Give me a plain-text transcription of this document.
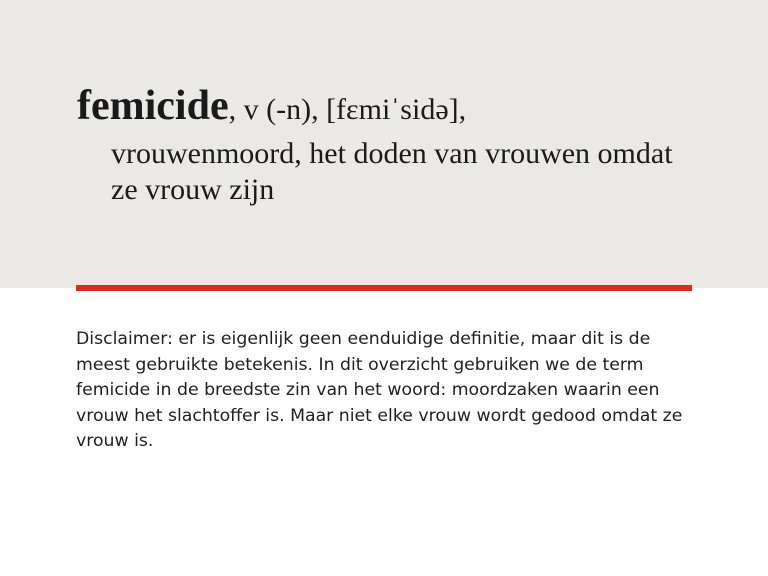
femicide, v (-n), [fɛmiˈsidə],
vrouwenmoord, het doden van vrouwen omdat ze vrouw zijn
Disclaimer: er is eigenlijk geen eenduidige definitie, maar dit is de meest gebruikte betekenis. In dit overzicht gebruiken we de term femicide in de breedste zin van het woord: moordzaken waarin een vrouw het slachtoffer is. Maar niet elke vrouw wordt gedood omdat ze vrouw is.
